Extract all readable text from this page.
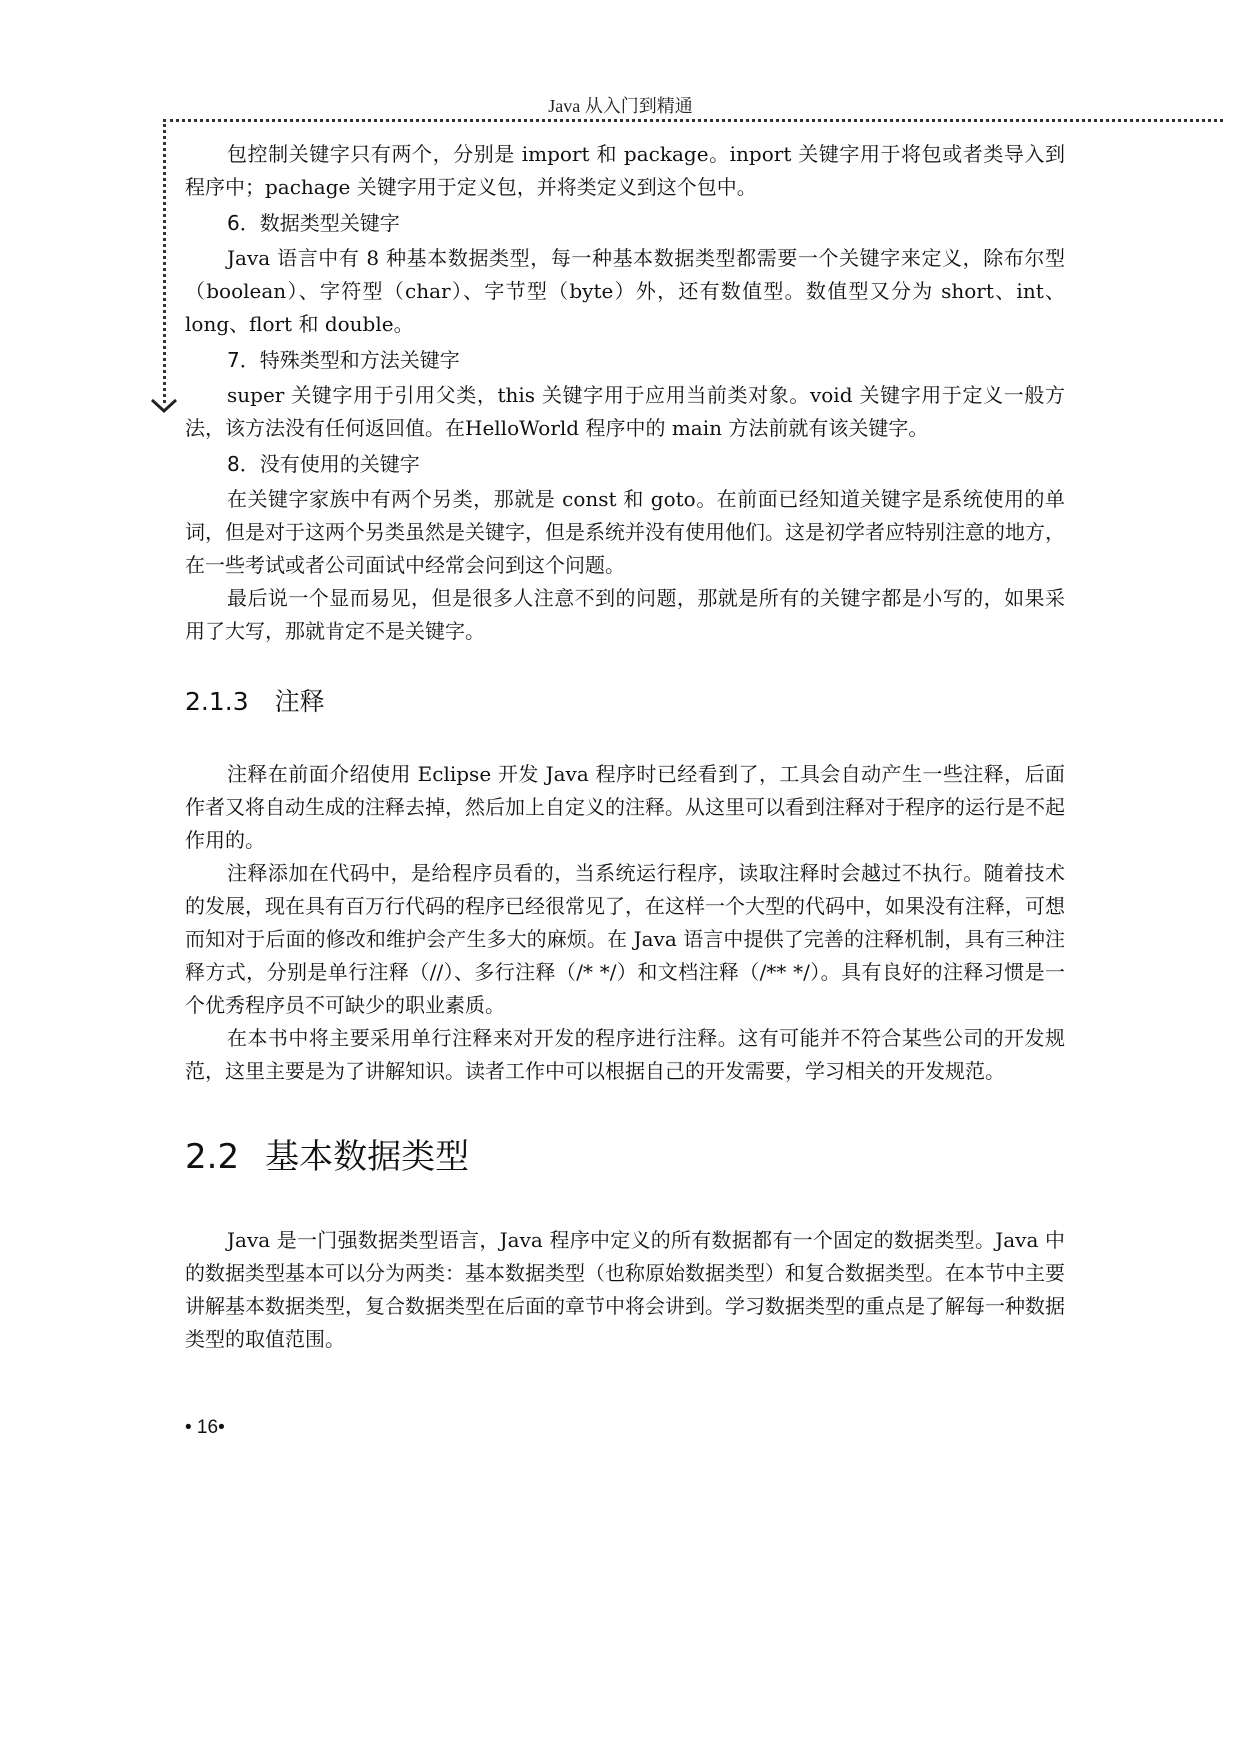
Java 从入门到精通

包控制关键字只有两个，分别是 import 和 package。inport 关键字用于将包或者类导入到程序中；pachage 关键字用于定义包，并将类定义到这个包中。

6．数据类型关键字

Java 语言中有 8 种基本数据类型，每一种基本数据类型都需要一个关键字来定义，除布尔型（boolean）、字符型（char）、字节型（byte）外，还有数值型。数值型又分为 short、int、long、flort 和 double。

7．特殊类型和方法关键字

super 关键字用于引用父类，this 关键字用于应用当前类对象。void 关键字用于定义一般方法，该方法没有任何返回值。在HelloWorld 程序中的 main 方法前就有该关键字。

8．没有使用的关键字

在关键字家族中有两个另类，那就是 const 和 goto。在前面已经知道关键字是系统使用的单词，但是对于这两个另类虽然是关键字，但是系统并没有使用他们。这是初学者应特别注意的地方，在一些考试或者公司面试中经常会问到这个问题。

最后说一个显而易见，但是很多人注意不到的问题，那就是所有的关键字都是小写的，如果采用了大写，那就肯定不是关键字。

2.1.3 注释

注释在前面介绍使用 Eclipse 开发 Java 程序时已经看到了，工具会自动产生一些注释，后面作者又将自动生成的注释去掉，然后加上自定义的注释。从这里可以看到注释对于程序的运行是不起作用的。

注释添加在代码中，是给程序员看的，当系统运行程序，读取注释时会越过不执行。随着技术的发展，现在具有百万行代码的程序已经很常见了，在这样一个大型的代码中，如果没有注释，可想而知对于后面的修改和维护会产生多大的麻烦。在 Java 语言中提供了完善的注释机制，具有三种注释方式，分别是单行注释（//）、多行注释（/* */）和文档注释（/** */）。具有良好的注释习惯是一个优秀程序员不可缺少的职业素质。

在本书中将主要采用单行注释来对开发的程序进行注释。这有可能并不符合某些公司的开发规范，这里主要是为了讲解知识。读者工作中可以根据自己的开发需要，学习相关的开发规范。

2.2 基本数据类型

Java 是一门强数据类型语言，Java 程序中定义的所有数据都有一个固定的数据类型。Java 中的数据类型基本可以分为两类：基本数据类型（也称原始数据类型）和复合数据类型。在本节中主要讲解基本数据类型，复合数据类型在后面的章节中将会讲到。学习数据类型的重点是了解每一种数据类型的取值范围。

• 16•
